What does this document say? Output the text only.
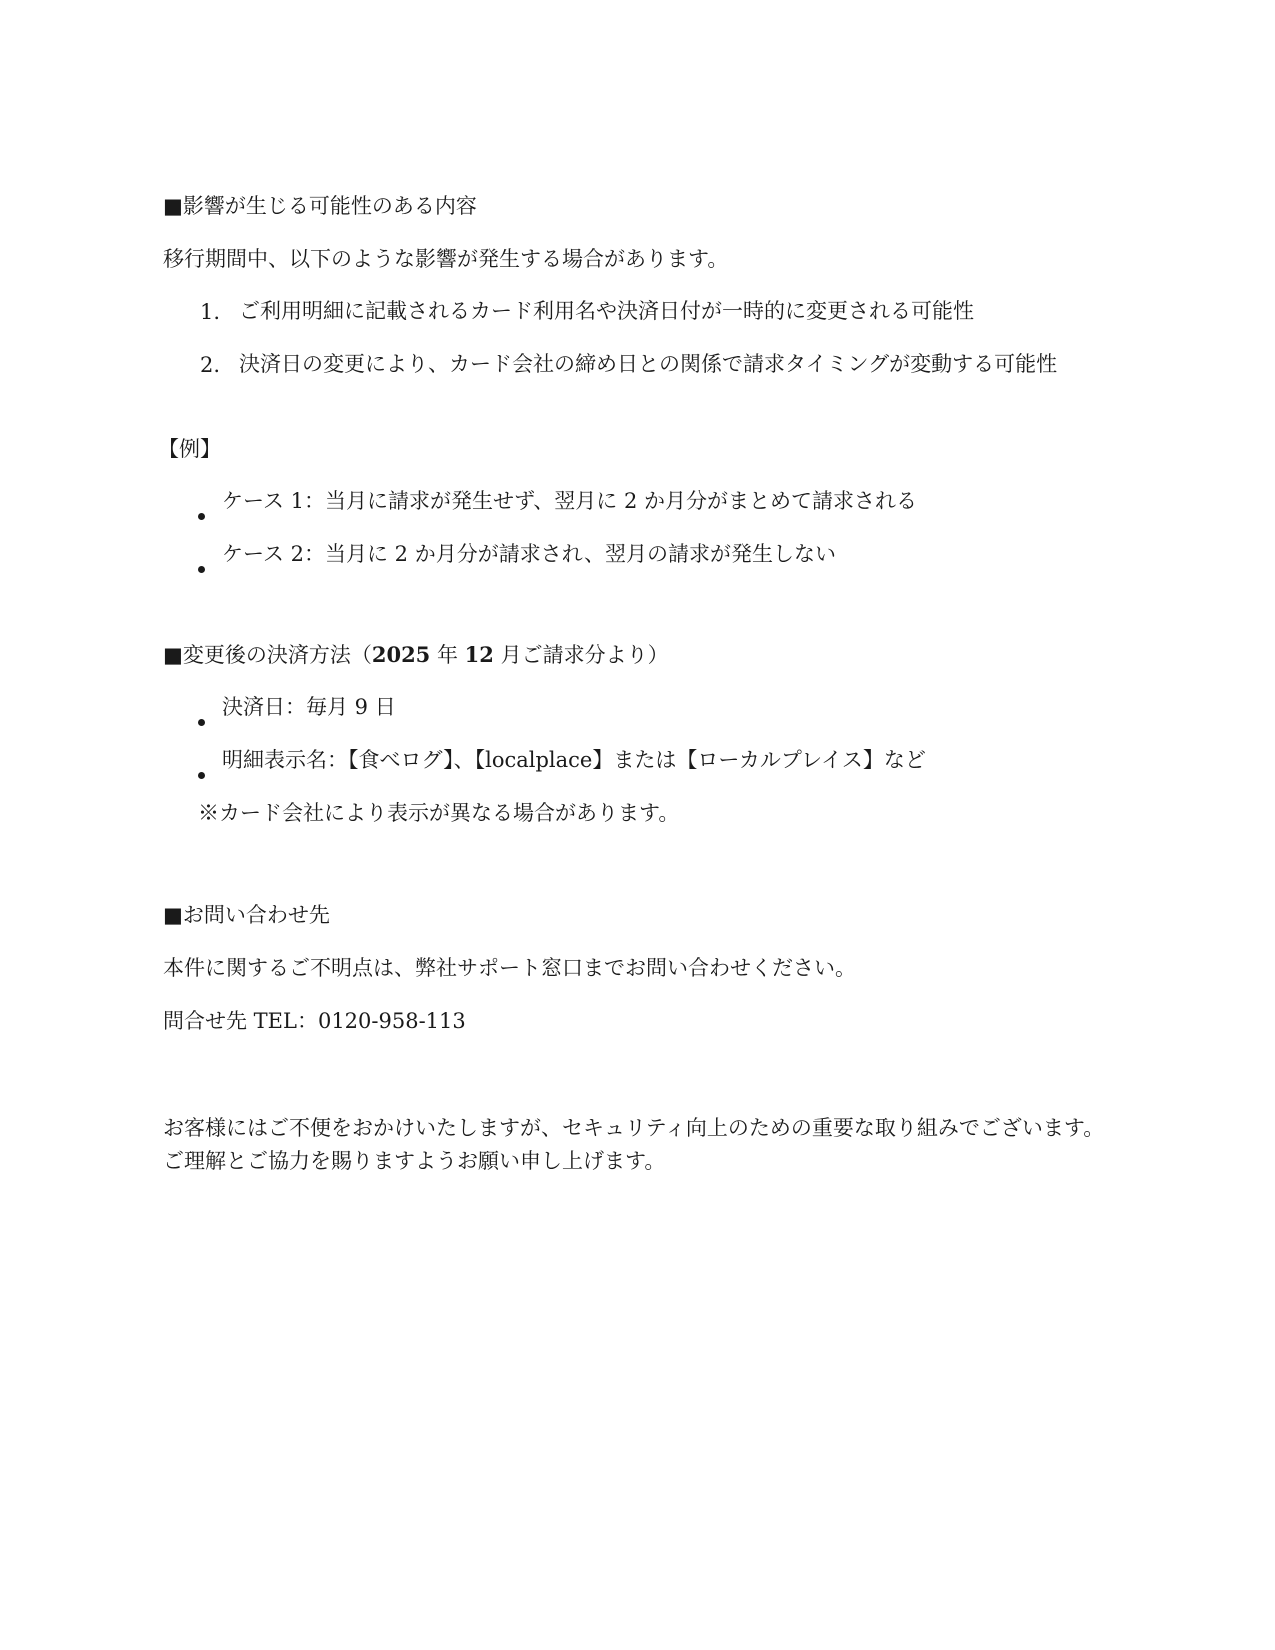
■影響が生じる可能性のある内容
移行期間中、以下のような影響が発生する場合があります。
1. ご利用明細に記載されるカード利用名や決済日付が一時的に変更される可能性
2. 決済日の変更により、カード会社の締め日との関係で請求タイミングが変動する可能性
【例】
ケース 1：当月に請求が発生せず、翌月に 2 か月分がまとめて請求される
ケース 2：当月に 2 か月分が請求され、翌月の請求が発生しない
■変更後の決済方法（2025 年 12 月ご請求分より）
決済日：毎月 9 日
明細表示名：【食べログ】、【localplace】または【ローカルプレイス】など
※カード会社により表示が異なる場合があります。
■お問い合わせ先
本件に関するご不明点は、弊社サポート窓口までお問い合わせください。
問合せ先 TEL：0120-958-113
お客様にはご不便をおかけいたしますが、セキュリティ向上のための重要な取り組みでございます。ご理解とご協力を賜りますようお願い申し上げます。
